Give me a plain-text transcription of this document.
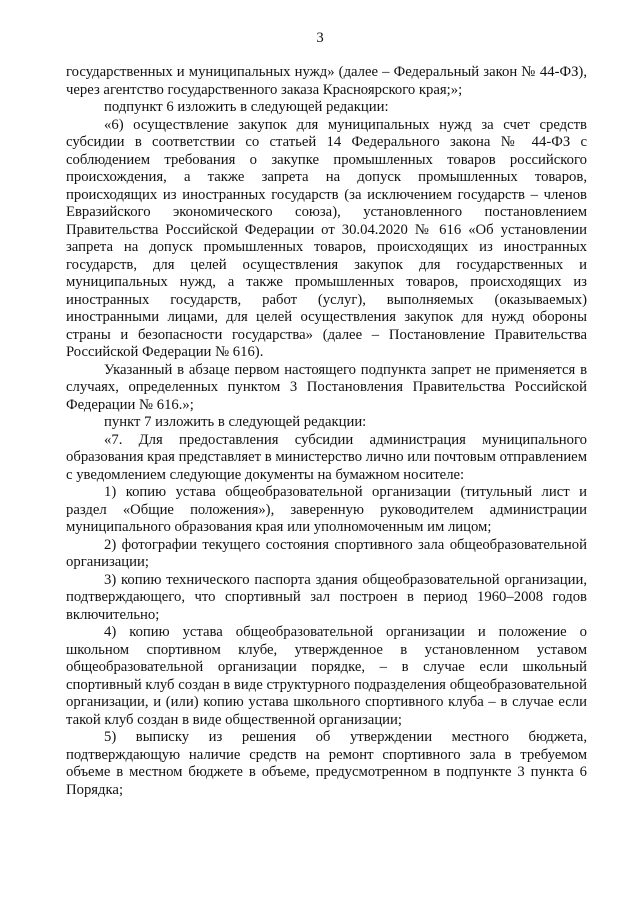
3

государственных и муниципальных нужд» (далее – Федеральный закон № 44-ФЗ), через агентство государственного заказа Красноярского края;»;

подпункт 6 изложить в следующей редакции:

«6) осуществление закупок для муниципальных нужд за счет средств субсидии в соответствии со статьей 14 Федерального закона № 44-ФЗ с соблюдением требования о закупке промышленных товаров российского происхождения, а также запрета на допуск промышленных товаров, происходящих из иностранных государств (за исключением государств – членов Евразийского экономического союза), установленного постановлением Правительства Российской Федерации от 30.04.2020 № 616 «Об установлении запрета на допуск промышленных товаров, происходящих из иностранных государств, для целей осуществления закупок для государственных и муниципальных нужд, а также промышленных товаров, происходящих из иностранных государств, работ (услуг), выполняемых (оказываемых) иностранными лицами, для целей осуществления закупок для нужд обороны страны и безопасности государства» (далее – Постановление Правительства Российской Федерации № 616).

Указанный в абзаце первом настоящего подпункта запрет не применяется в случаях, определенных пунктом 3 Постановления Правительства Российской Федерации № 616.»;

пункт 7 изложить в следующей редакции:

«7. Для предоставления субсидии администрация муниципального образования края представляет в министерство лично или почтовым отправлением с уведомлением следующие документы на бумажном носителе:

1) копию устава общеобразовательной организации (титульный лист и раздел «Общие положения»), заверенную руководителем администрации муниципального образования края или уполномоченным им лицом;

2) фотографии текущего состояния спортивного зала общеобразовательной организации;

3) копию технического паспорта здания общеобразовательной организации, подтверждающего, что спортивный зал построен в период 1960–2008 годов включительно;

4) копию устава общеобразовательной организации и положение о школьном спортивном клубе, утвержденное в установленном уставом общеобразовательной организации порядке, – в случае если школьный спортивный клуб создан в виде структурного подразделения общеобразовательной организации, и (или) копию устава школьного спортивного клуба – в случае если такой клуб создан в виде общественной организации;

5) выписку из решения об утверждении местного бюджета, подтверждающую наличие средств на ремонт спортивного зала в требуемом объеме в местном бюджете в объеме, предусмотренном в подпункте 3 пункта 6 Порядка;
